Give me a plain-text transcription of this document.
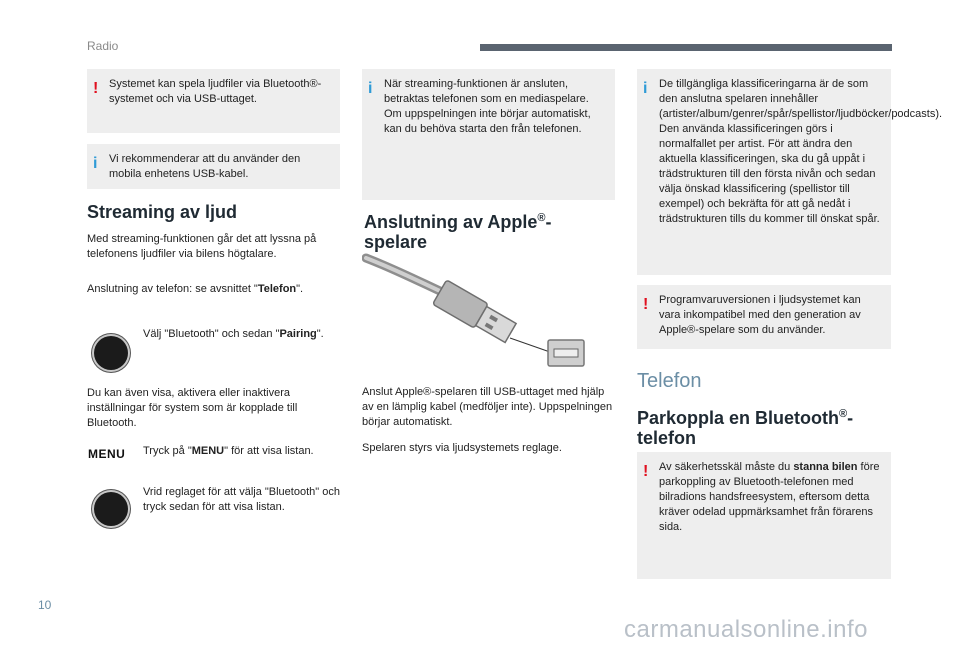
Radio
! Systemet kan spela ljudfiler via Bluetooth®-systemet och via USB-uttaget.
i Vi rekommenderar att du använder den mobila enhetens USB-kabel.
Streaming av ljud
Med streaming-funktionen går det att lyssna på telefonens ljudfiler via bilens högtalare.
Anslutning av telefon: se avsnittet "Telefon".
Välj "Bluetooth" och sedan "Pairing".
Du kan även visa, aktivera eller inaktivera inställningar för system som är kopplade till Bluetooth.
MENU Tryck på "MENU" för att visa listan.
Vrid reglaget för att välja "Bluetooth" och tryck sedan för att visa listan.
i När streaming-funktionen är ansluten, betraktas telefonen som en mediaspelare. Om uppspelningen inte börjar automatiskt, kan du behöva starta den från telefonen.
Anslutning av Apple®-
spelare
Anslut Apple®-spelaren till USB-uttaget med hjälp av en lämplig kabel (medföljer inte). Uppspelningen börjar automatiskt.
Spelaren styrs via ljudsystemets reglage.
i De tillgängliga klassificeringarna är de som den anslutna spelaren innehåller (artister/album/genrer/spår/spellistor/ljudböcker/podcasts). Den använda klassificeringen görs i normalfallet per artist. För att ändra den aktuella klassificeringen, ska du gå uppåt i trädstrukturen till den första nivån och sedan välja önskad klassificering (spellistor till exempel) och bekräfta för att gå nedåt i trädstrukturen tills du kommer till önskat spår.
! Programvaruversionen i ljudsystemet kan vara inkompatibel med den generation av Apple®-spelare som du använder.
Telefon
Parkoppla en Bluetooth®-
telefon
! Av säkerhetsskäl måste du stanna bilen före parkoppling av Bluetooth-telefonen med bilradions handsfreesystem, eftersom detta kräver odelad uppmärksamhet från förarens sida.
10
carmanualsonline.info
